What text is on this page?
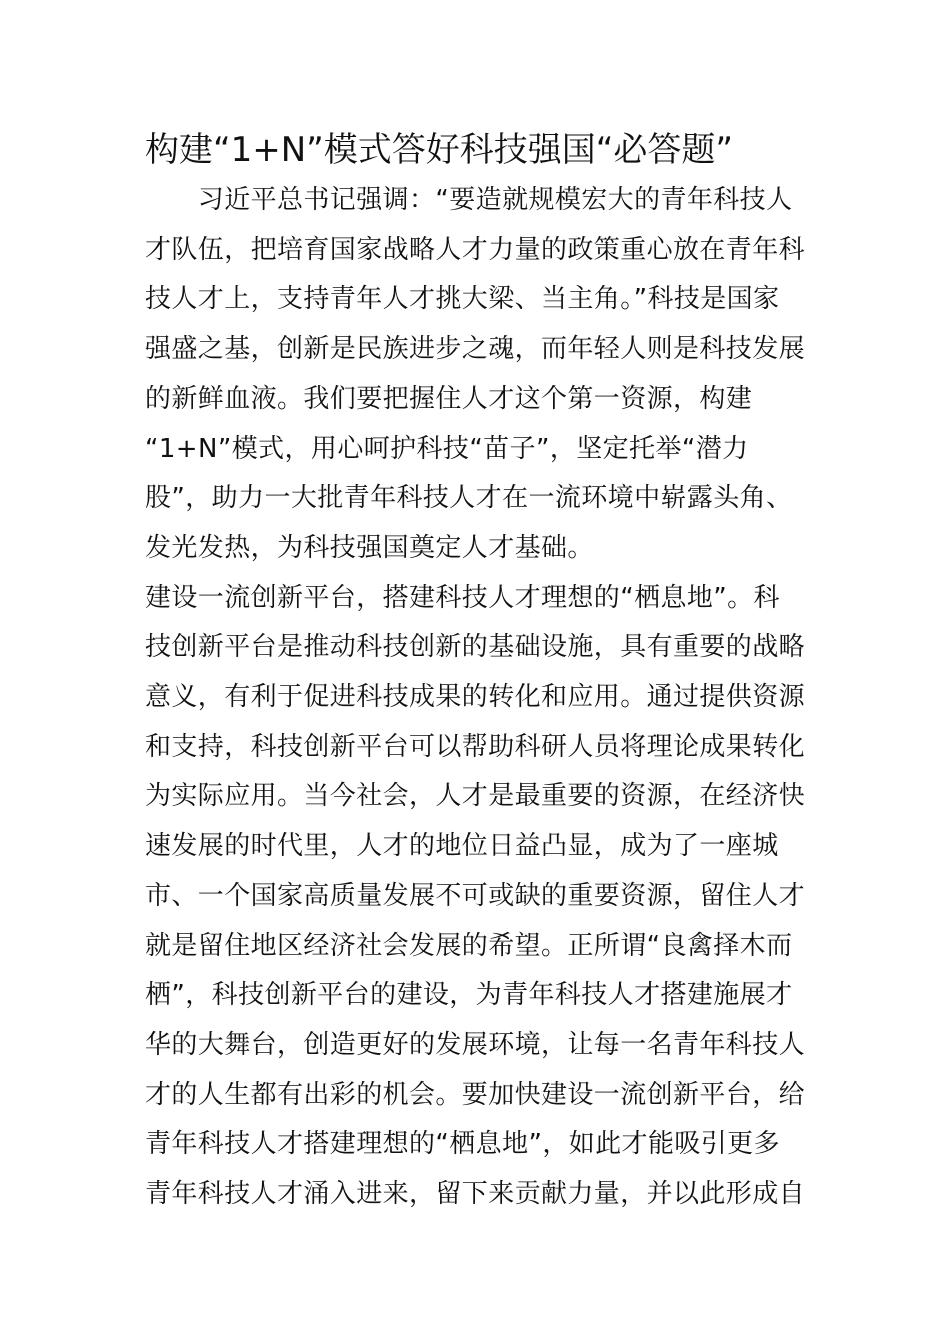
构建“1+N”模式答好科技强国“必答题”
　　习近平总书记强调：“要造就规模宏大的青年科技人
才队伍，把培育国家战略人才力量的政策重心放在青年科
技人才上，支持青年人才挑大梁、当主角。”科技是国家
强盛之基，创新是民族进步之魂，而年轻人则是科技发展
的新鲜血液。我们要把握住人才这个第一资源，构建
“1+N”模式，用心呵护科技“苗子”，坚定托举“潜力
股”，助力一大批青年科技人才在一流环境中崭露头角、
发光发热，为科技强国奠定人才基础。
建设一流创新平台，搭建科技人才理想的“栖息地”。科
技创新平台是推动科技创新的基础设施，具有重要的战略
意义，有利于促进科技成果的转化和应用。通过提供资源
和支持，科技创新平台可以帮助科研人员将理论成果转化
为实际应用。当今社会，人才是最重要的资源，在经济快
速发展的时代里，人才的地位日益凸显，成为了一座城
市、一个国家高质量发展不可或缺的重要资源，留住人才
就是留住地区经济社会发展的希望。正所谓“良禽择木而
栖”，科技创新平台的建设，为青年科技人才搭建施展才
华的大舞台，创造更好的发展环境，让每一名青年科技人
才的人生都有出彩的机会。要加快建设一流创新平台，给
青年科技人才搭建理想的“栖息地”，如此才能吸引更多
青年科技人才涌入进来，留下来贡献力量，并以此形成自
